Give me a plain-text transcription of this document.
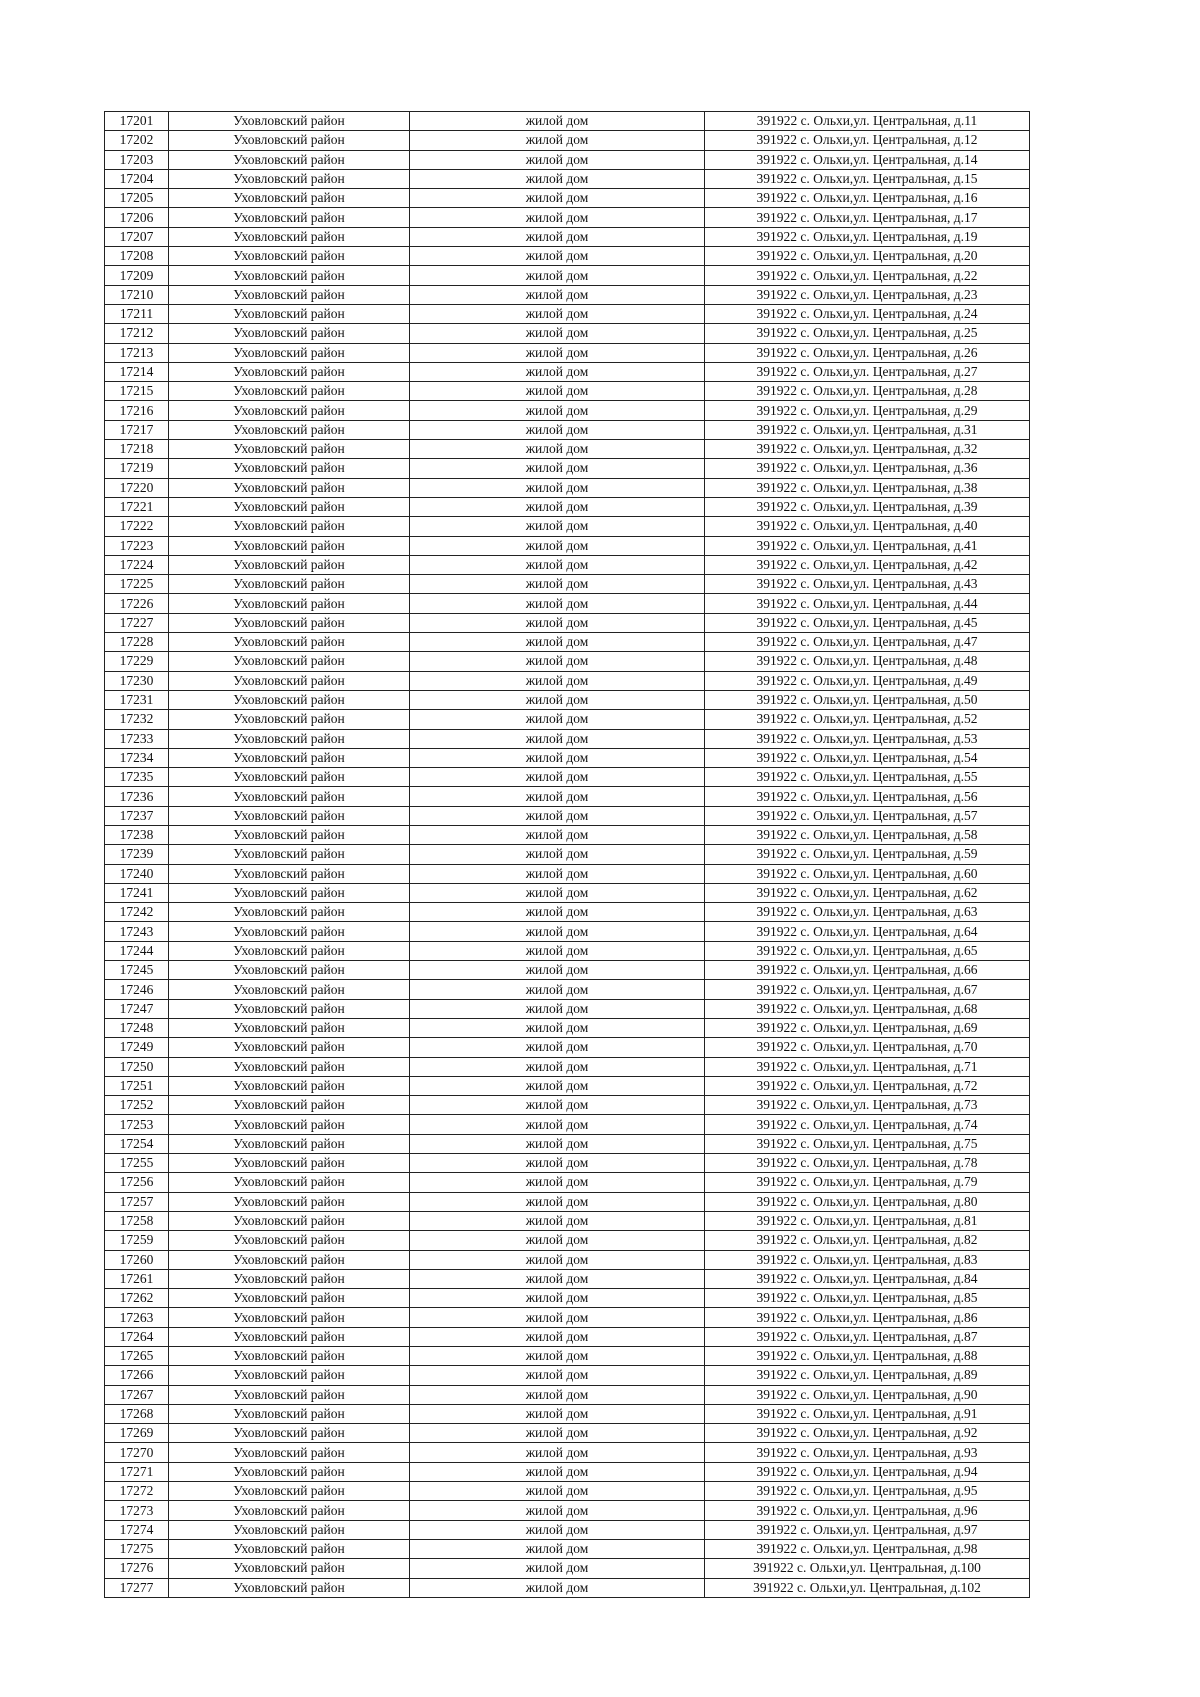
17201	Уховловский район	жилой дом	391922 с. Ольхи,ул. Центральная, д.11
17202	Уховловский район	жилой дом	391922 с. Ольхи,ул. Центральная, д.12
17203	Уховловский район	жилой дом	391922 с. Ольхи,ул. Центральная, д.14
17204	Уховловский район	жилой дом	391922 с. Ольхи,ул. Центральная, д.15
17205	Уховловский район	жилой дом	391922 с. Ольхи,ул. Центральная, д.16
17206	Уховловский район	жилой дом	391922 с. Ольхи,ул. Центральная, д.17
17207	Уховловский район	жилой дом	391922 с. Ольхи,ул. Центральная, д.19
17208	Уховловский район	жилой дом	391922 с. Ольхи,ул. Центральная, д.20
17209	Уховловский район	жилой дом	391922 с. Ольхи,ул. Центральная, д.22
17210	Уховловский район	жилой дом	391922 с. Ольхи,ул. Центральная, д.23
17211	Уховловский район	жилой дом	391922 с. Ольхи,ул. Центральная, д.24
17212	Уховловский район	жилой дом	391922 с. Ольхи,ул. Центральная, д.25
17213	Уховловский район	жилой дом	391922 с. Ольхи,ул. Центральная, д.26
17214	Уховловский район	жилой дом	391922 с. Ольхи,ул. Центральная, д.27
17215	Уховловский район	жилой дом	391922 с. Ольхи,ул. Центральная, д.28
17216	Уховловский район	жилой дом	391922 с. Ольхи,ул. Центральная, д.29
17217	Уховловский район	жилой дом	391922 с. Ольхи,ул. Центральная, д.31
17218	Уховловский район	жилой дом	391922 с. Ольхи,ул. Центральная, д.32
17219	Уховловский район	жилой дом	391922 с. Ольхи,ул. Центральная, д.36
17220	Уховловский район	жилой дом	391922 с. Ольхи,ул. Центральная, д.38
17221	Уховловский район	жилой дом	391922 с. Ольхи,ул. Центральная, д.39
17222	Уховловский район	жилой дом	391922 с. Ольхи,ул. Центральная, д.40
17223	Уховловский район	жилой дом	391922 с. Ольхи,ул. Центральная, д.41
17224	Уховловский район	жилой дом	391922 с. Ольхи,ул. Центральная, д.42
17225	Уховловский район	жилой дом	391922 с. Ольхи,ул. Центральная, д.43
17226	Уховловский район	жилой дом	391922 с. Ольхи,ул. Центральная, д.44
17227	Уховловский район	жилой дом	391922 с. Ольхи,ул. Центральная, д.45
17228	Уховловский район	жилой дом	391922 с. Ольхи,ул. Центральная, д.47
17229	Уховловский район	жилой дом	391922 с. Ольхи,ул. Центральная, д.48
17230	Уховловский район	жилой дом	391922 с. Ольхи,ул. Центральная, д.49
17231	Уховловский район	жилой дом	391922 с. Ольхи,ул. Центральная, д.50
17232	Уховловский район	жилой дом	391922 с. Ольхи,ул. Центральная, д.52
17233	Уховловский район	жилой дом	391922 с. Ольхи,ул. Центральная, д.53
17234	Уховловский район	жилой дом	391922 с. Ольхи,ул. Центральная, д.54
17235	Уховловский район	жилой дом	391922 с. Ольхи,ул. Центральная, д.55
17236	Уховловский район	жилой дом	391922 с. Ольхи,ул. Центральная, д.56
17237	Уховловский район	жилой дом	391922 с. Ольхи,ул. Центральная, д.57
17238	Уховловский район	жилой дом	391922 с. Ольхи,ул. Центральная, д.58
17239	Уховловский район	жилой дом	391922 с. Ольхи,ул. Центральная, д.59
17240	Уховловский район	жилой дом	391922 с. Ольхи,ул. Центральная, д.60
17241	Уховловский район	жилой дом	391922 с. Ольхи,ул. Центральная, д.62
17242	Уховловский район	жилой дом	391922 с. Ольхи,ул. Центральная, д.63
17243	Уховловский район	жилой дом	391922 с. Ольхи,ул. Центральная, д.64
17244	Уховловский район	жилой дом	391922 с. Ольхи,ул. Центральная, д.65
17245	Уховловский район	жилой дом	391922 с. Ольхи,ул. Центральная, д.66
17246	Уховловский район	жилой дом	391922 с. Ольхи,ул. Центральная, д.67
17247	Уховловский район	жилой дом	391922 с. Ольхи,ул. Центральная, д.68
17248	Уховловский район	жилой дом	391922 с. Ольхи,ул. Центральная, д.69
17249	Уховловский район	жилой дом	391922 с. Ольхи,ул. Центральная, д.70
17250	Уховловский район	жилой дом	391922 с. Ольхи,ул. Центральная, д.71
17251	Уховловский район	жилой дом	391922 с. Ольхи,ул. Центральная, д.72
17252	Уховловский район	жилой дом	391922 с. Ольхи,ул. Центральная, д.73
17253	Уховловский район	жилой дом	391922 с. Ольхи,ул. Центральная, д.74
17254	Уховловский район	жилой дом	391922 с. Ольхи,ул. Центральная, д.75
17255	Уховловский район	жилой дом	391922 с. Ольхи,ул. Центральная, д.78
17256	Уховловский район	жилой дом	391922 с. Ольхи,ул. Центральная, д.79
17257	Уховловский район	жилой дом	391922 с. Ольхи,ул. Центральная, д.80
17258	Уховловский район	жилой дом	391922 с. Ольхи,ул. Центральная, д.81
17259	Уховловский район	жилой дом	391922 с. Ольхи,ул. Центральная, д.82
17260	Уховловский район	жилой дом	391922 с. Ольхи,ул. Центральная, д.83
17261	Уховловский район	жилой дом	391922 с. Ольхи,ул. Центральная, д.84
17262	Уховловский район	жилой дом	391922 с. Ольхи,ул. Центральная, д.85
17263	Уховловский район	жилой дом	391922 с. Ольхи,ул. Центральная, д.86
17264	Уховловский район	жилой дом	391922 с. Ольхи,ул. Центральная, д.87
17265	Уховловский район	жилой дом	391922 с. Ольхи,ул. Центральная, д.88
17266	Уховловский район	жилой дом	391922 с. Ольхи,ул. Центральная, д.89
17267	Уховловский район	жилой дом	391922 с. Ольхи,ул. Центральная, д.90
17268	Уховловский район	жилой дом	391922 с. Ольхи,ул. Центральная, д.91
17269	Уховловский район	жилой дом	391922 с. Ольхи,ул. Центральная, д.92
17270	Уховловский район	жилой дом	391922 с. Ольхи,ул. Центральная, д.93
17271	Уховловский район	жилой дом	391922 с. Ольхи,ул. Центральная, д.94
17272	Уховловский район	жилой дом	391922 с. Ольхи,ул. Центральная, д.95
17273	Уховловский район	жилой дом	391922 с. Ольхи,ул. Центральная, д.96
17274	Уховловский район	жилой дом	391922 с. Ольхи,ул. Центральная, д.97
17275	Уховловский район	жилой дом	391922 с. Ольхи,ул. Центральная, д.98
17276	Уховловский район	жилой дом	391922 с. Ольхи,ул. Центральная, д.100
17277	Уховловский район	жилой дом	391922 с. Ольхи,ул. Центральная, д.102
